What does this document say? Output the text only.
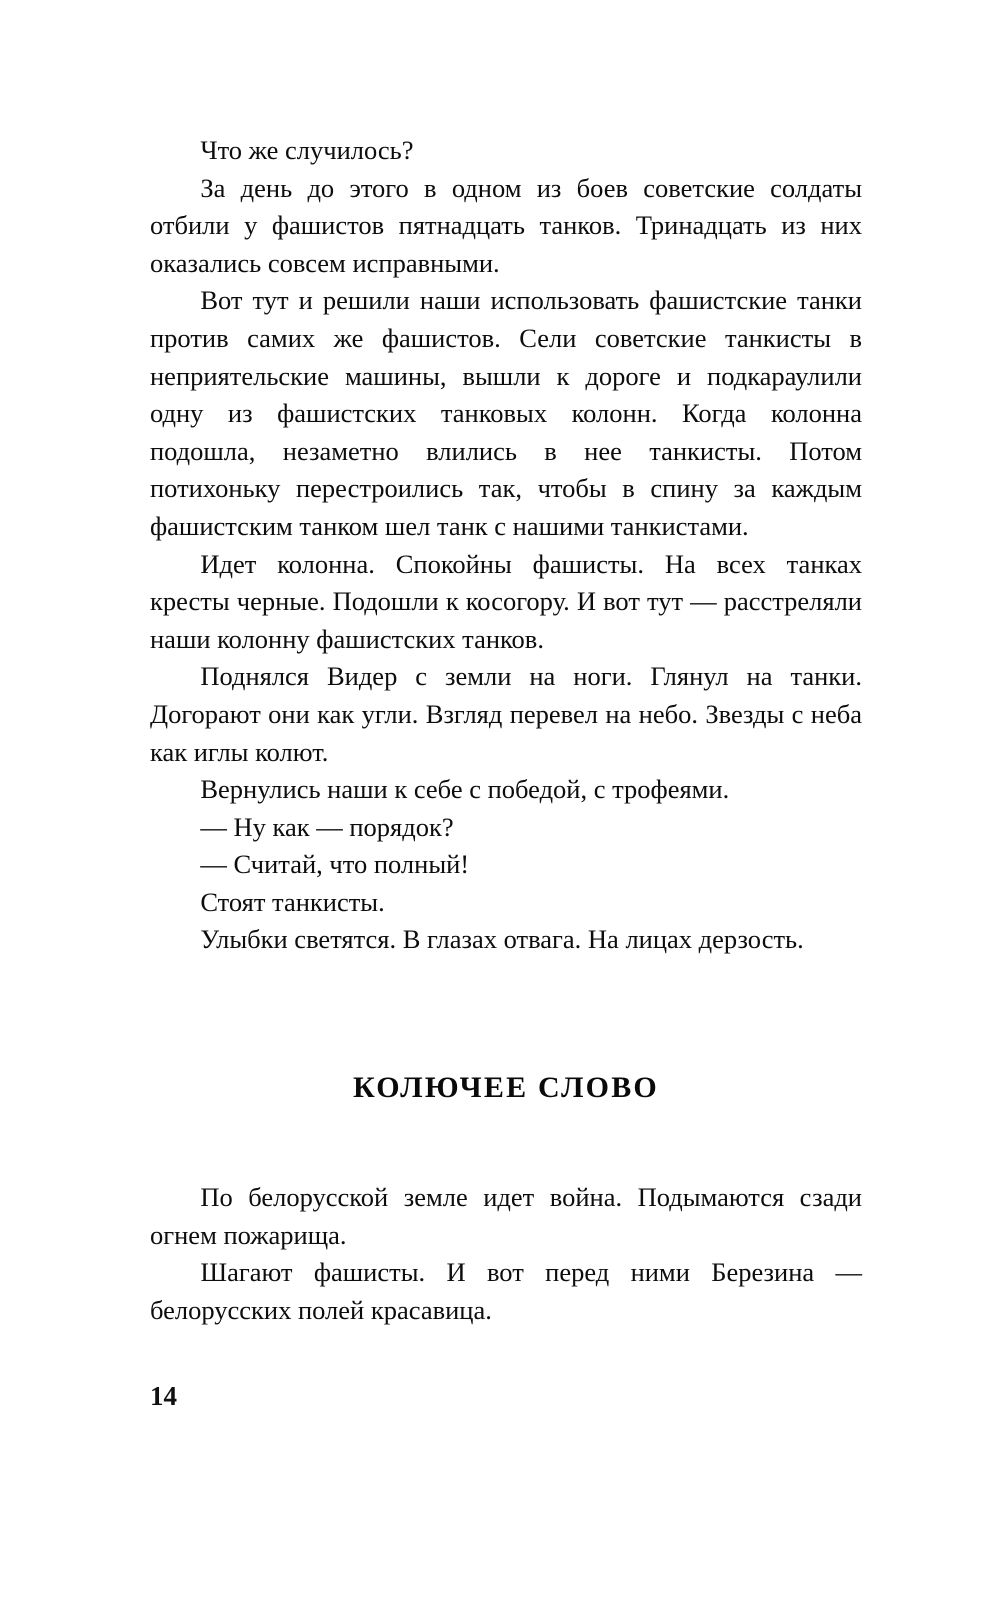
Что же случилось?

За день до этого в одном из боев советские солдаты отбили у фашистов пятнадцать танков. Тринадцать из них оказались совсем исправными.

Вот тут и решили наши использовать фашистские танки против самих же фашистов. Сели советские танкисты в неприятельские машины, вышли к дороге и подкараулили одну из фашистских танковых колонн. Когда колонна подошла, незаметно влились в нее танкисты. Потом потихоньку перестроились так, чтобы в спину за каждым фашистским танком шел танк с нашими танкистами.

Идет колонна. Спокойны фашисты. На всех танках кресты черные. Подошли к косогору. И вот тут — расстреляли наши колонну фашистских танков.

Поднялся Видер с земли на ноги. Глянул на танки. Догорают они как угли. Взгляд перевел на небо. Звезды с неба как иглы колют.

Вернулись наши к себе с победой, с трофеями.

— Ну как — порядок?

— Считай, что полный!

Стоят танкисты.

Улыбки светятся. В глазах отвага. На лицах дерзость.

КОЛЮЧЕЕ СЛОВО

По белорусской земле идет война. Подымаются сзади огнем пожарища.

Шагают фашисты. И вот перед ними Березина — белорусских полей красавица.

14
